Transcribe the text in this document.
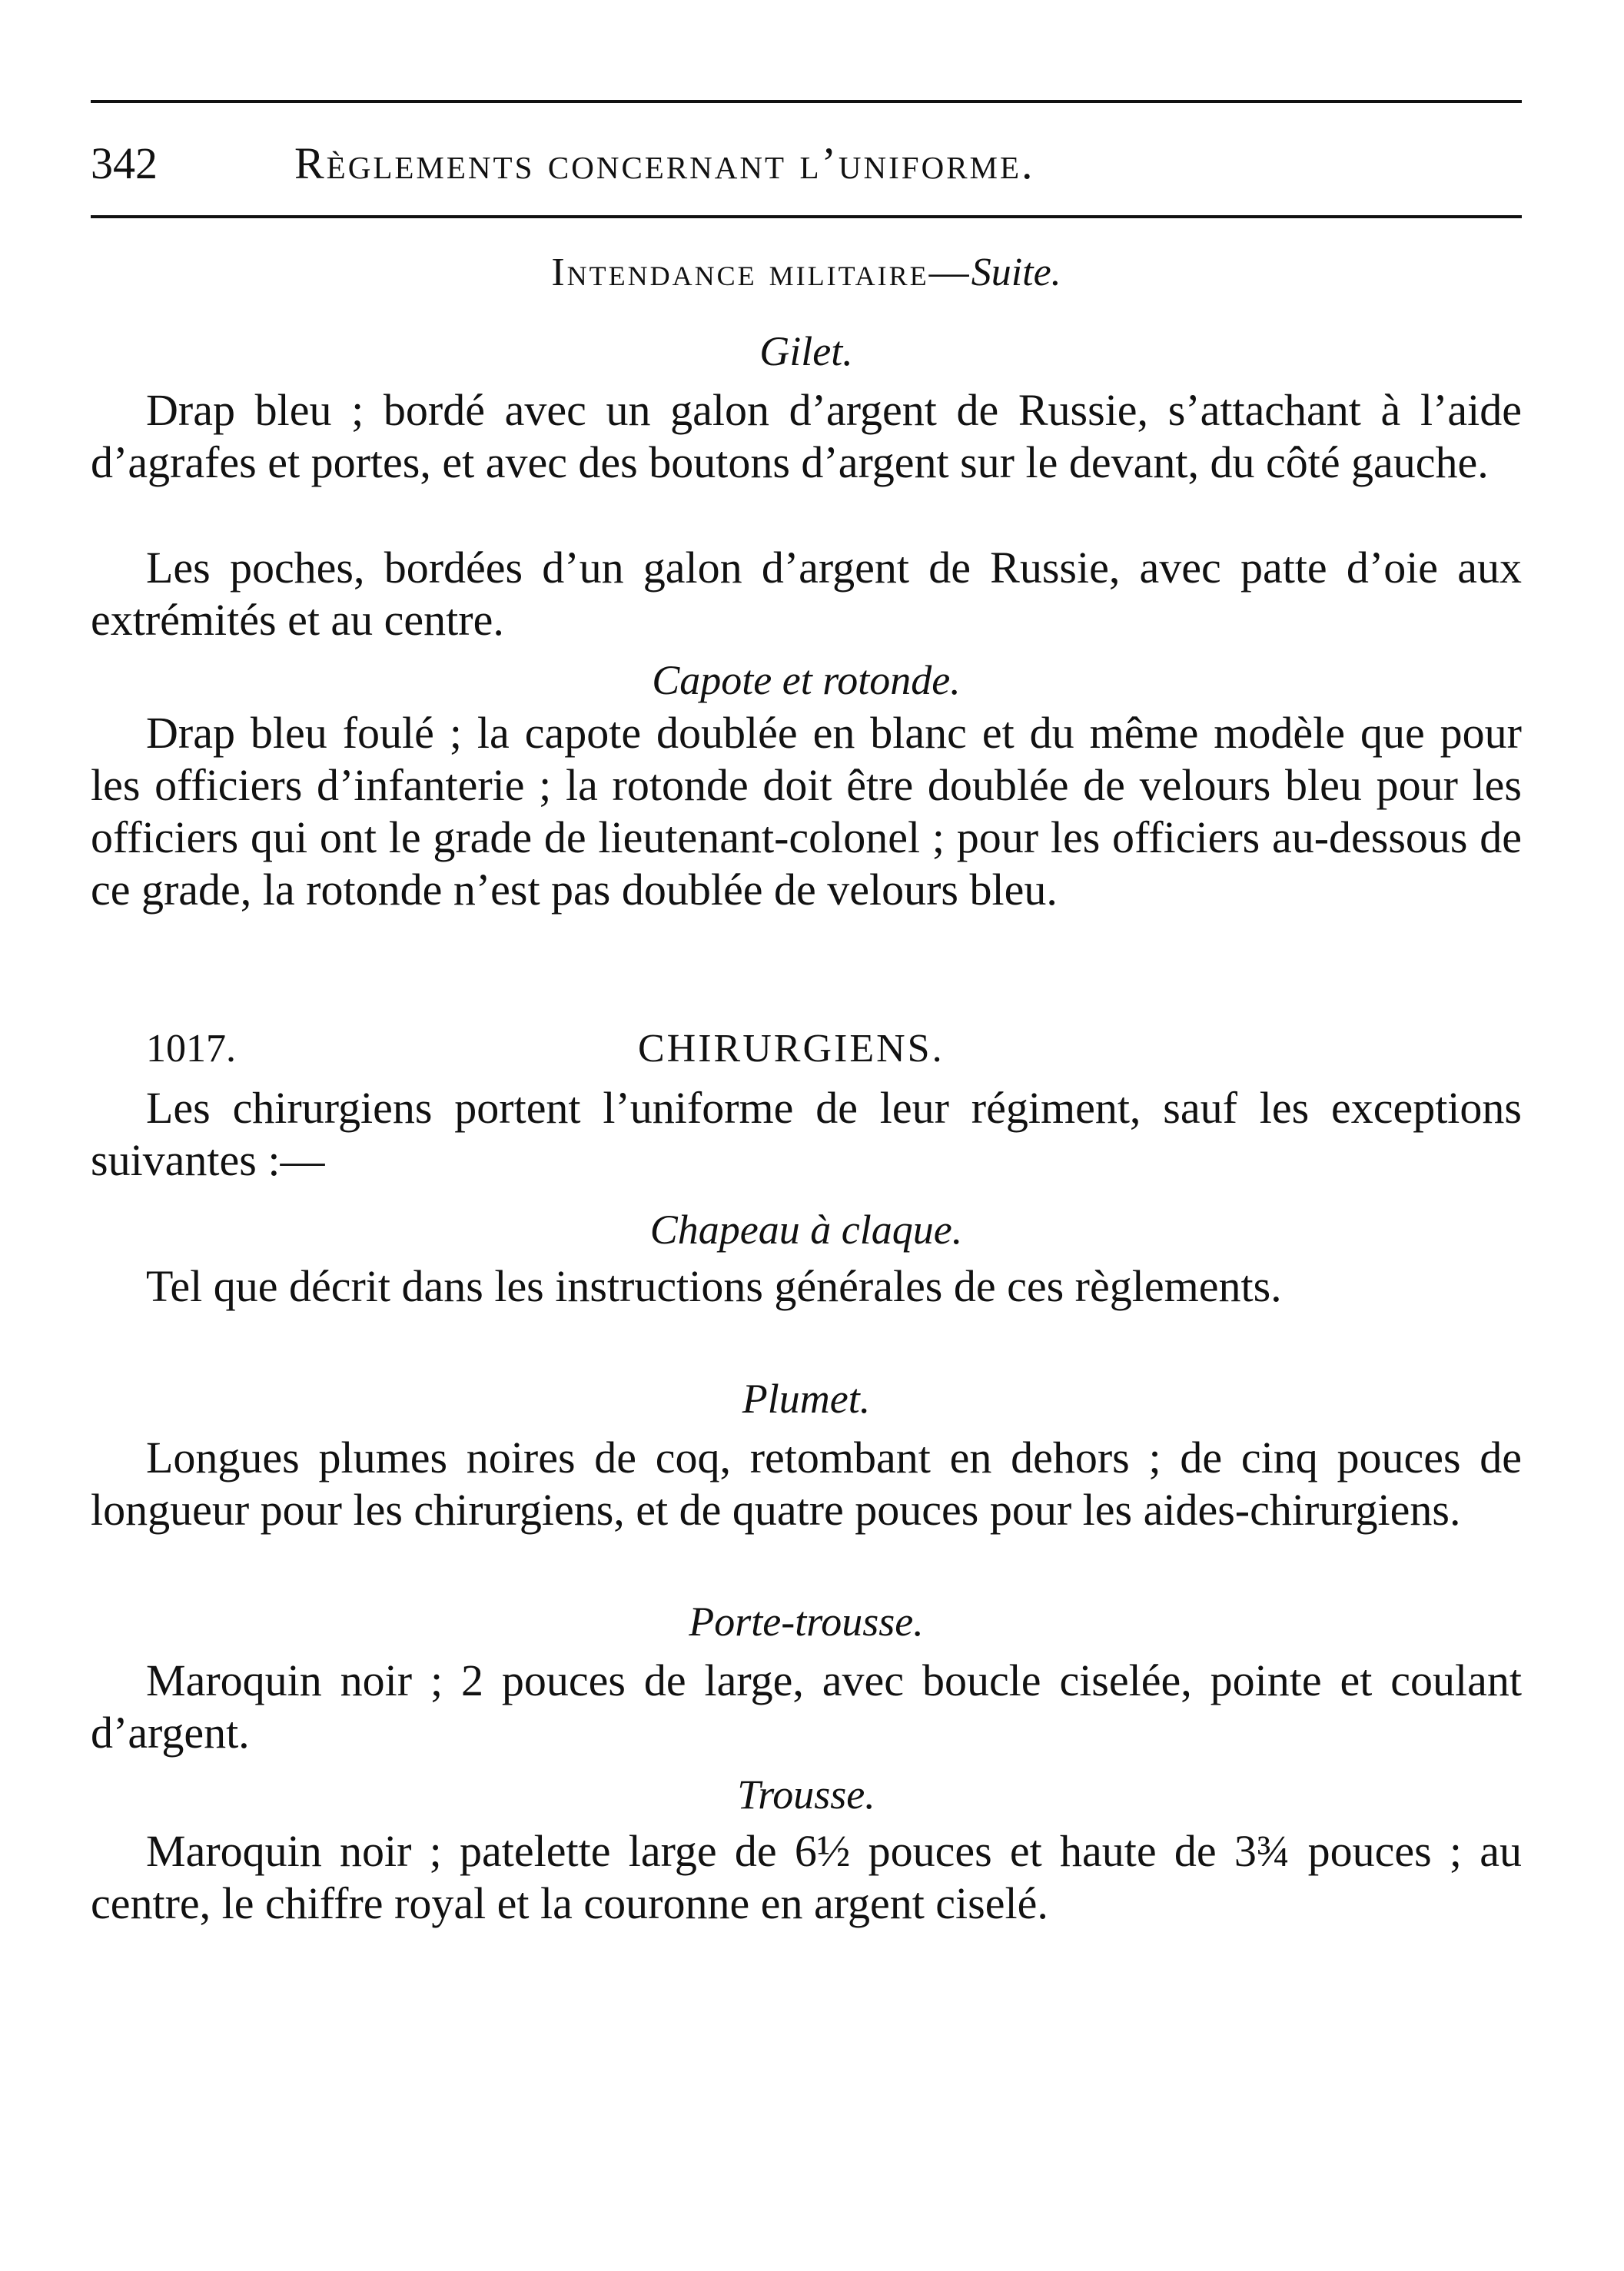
342	Règlements concernant l’uniforme.
Intendance militaire—Suite.
Gilet.

Drap bleu ; bordé avec un galon d’argent de Russie, s’attachant à l’aide d’agrafes et portes, et avec des boutons d’argent sur le devant, du côté gauche.

Les poches, bordées d’un galon d’argent de Russie, avec patte d’oie aux extrémités et au centre.

Capote et rotonde.

Drap bleu foulé ; la capote doublée en blanc et du même modèle que pour les officiers d’infanterie ; la rotonde doit être doublée de velours bleu pour les officiers qui ont le grade de lieutenant-colonel ; pour les officiers au-dessous de ce grade, la rotonde n’est pas doublée de velours bleu.

1017.	CHIRURGIENS.

Les chirurgiens portent l’uniforme de leur régiment, sauf les exceptions suivantes :—

Chapeau à claque.

Tel que décrit dans les instructions générales de ces règlements.

Plumet.

Longues plumes noires de coq, retombant en dehors ; de cinq pouces de longueur pour les chirurgiens, et de quatre pouces pour les aides-chirurgiens.

Porte-trousse.

Maroquin noir ; 2 pouces de large, avec boucle ciselée, pointe et coulant d’argent.

Trousse.

Maroquin noir ; patelette large de 6½ pouces et haute de 3¾ pouces ; au centre, le chiffre royal et la couronne en argent ciselé.
